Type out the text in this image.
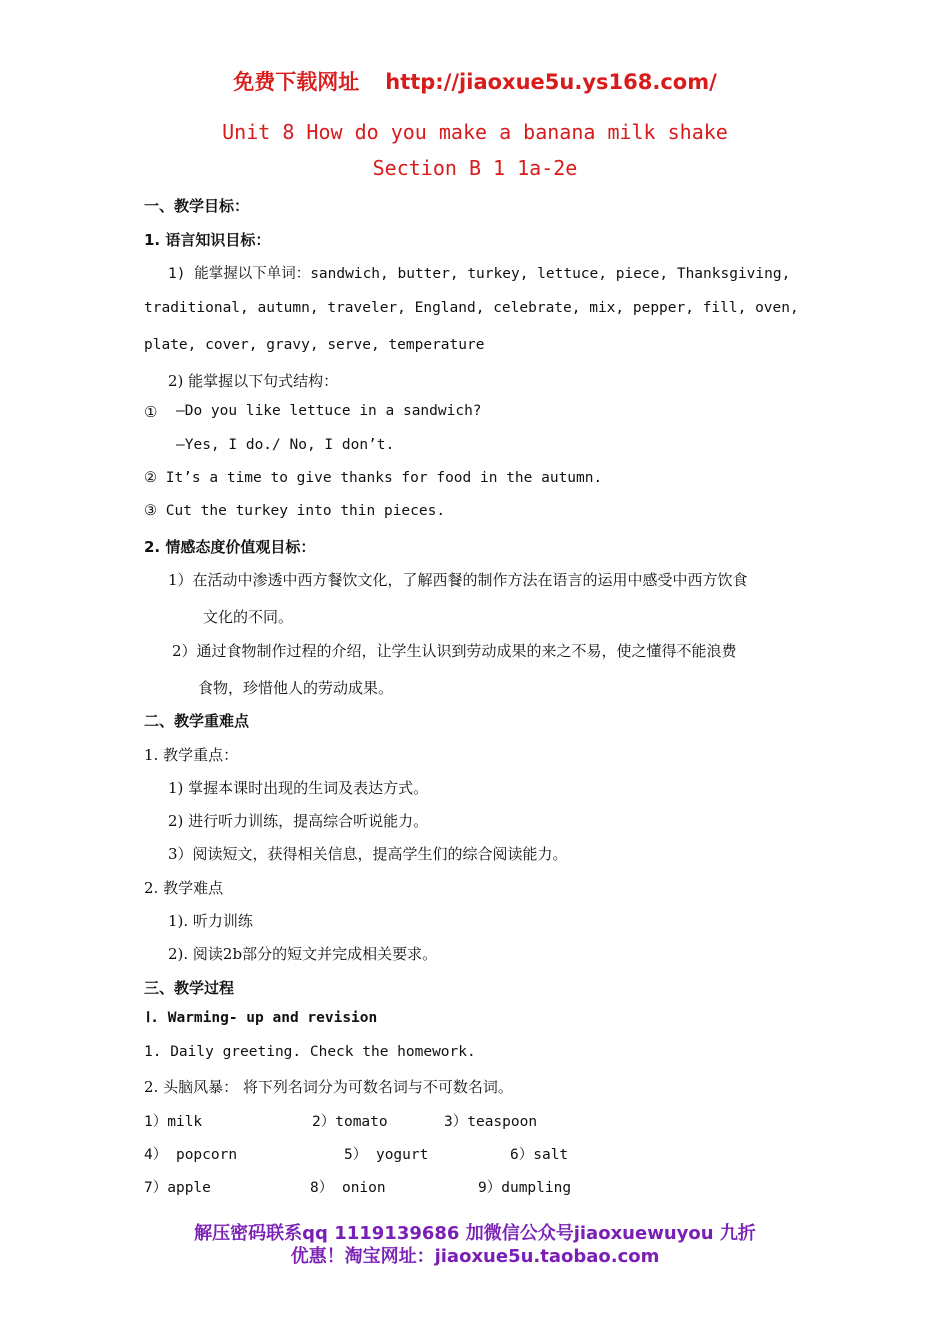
免费下载网址 http://jiaoxue5u.ys168.com/
Unit 8 How do you make a banana milk shake
Section B 1 1a-2e
一、教学目标：
1. 语言知识目标：
1) 能掌握以下单词：sandwich, butter, turkey, lettuce, piece, Thanksgiving,
traditional, autumn, traveler, England, celebrate, mix, pepper, fill, oven,
plate, cover, gravy, serve, temperature
2) 能掌握以下句式结构：
① —Do you like lettuce in a sandwich?
—Yes, I do./ No, I don’t.
② It’s a time to give thanks for food in the autumn.
③ Cut the turkey into thin pieces.
2. 情感态度价值观目标：
1）在活动中渗透中西方餐饮文化，了解西餐的制作方法在语言的运用中感受中西方饮食
文化的不同。
2）通过食物制作过程的介绍，让学生认识到劳动成果的来之不易，使之懂得不能浪费
食物，珍惜他人的劳动成果。
二、教学重难点
1. 教学重点：
1) 掌握本课时出现的生词及表达方式。
2) 进行听力训练，提高综合听说能力。
3）阅读短文，获得相关信息，提高学生们的综合阅读能力。
2. 教学难点
1). 听力训练
2). 阅读2b部分的短文并完成相关要求。
三、教学过程
Ⅰ. Warming- up and revision
1. Daily greeting. Check the homework.
2. 头脑风暴： 将下列名词分为可数名词与不可数名词。
1）milk	2）tomato	3）teaspoon
4） popcorn	5） yogurt	6）salt
7）apple	8） onion	9）dumpling
解压密码联系qq 1119139686 加微信公众号jiaoxuewuyou 九折
优惠！淘宝网址：jiaoxue5u.taobao.com
